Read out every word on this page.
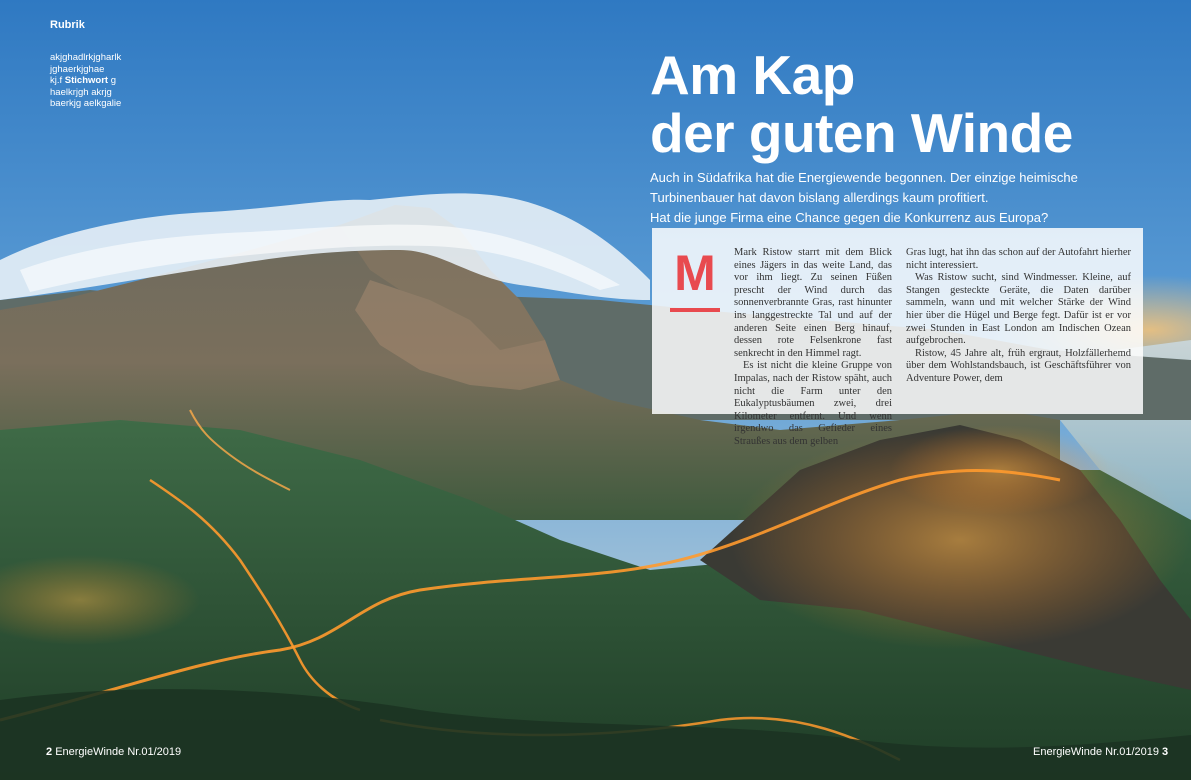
Rubrik
akjghadlrkjgharlk
jghaerkjghae
kj.f Stichwort g
haelkrjgh akrjg
baerkjg aelkgalie	Am Kap
der guten Winde
Auch in Südafrika hat die Energiewende begonnen. Der einzige heimische
Turbinenbauer hat davon bislang allerdings kaum profitiert.
Hat die junge Firma eine Chance gegen die Konkurrenz aus Europa?
M Mark Ristow starrt mit dem Blick eines Jägers in das weite Land, das vor ihm liegt. Zu seinen Füßen prescht der Wind durch das sonnenverbrannte Gras, rast hinunter ins langgestreckte Tal und auf der anderen Seite einen Berg hinauf, dessen rote Felsenkrone fast senkrecht in den Himmel ragt.

Es ist nicht die kleine Gruppe von Impalas, nach der Ristow späht, auch nicht die Farm unter den Eukalyptusbäumen zwei, drei Kilometer entfernt. Und wenn irgendwo das Gefieder eines Straußes aus dem gelben

Gras lugt, hat ihn das schon auf der Autofahrt hierher nicht interessiert.

Was Ristow sucht, sind Windmesser. Kleine, auf Stangen gesteckte Geräte, die Daten darüber sammeln, wann und mit welcher Stärke der Wind hier über die Hügel und Berge fegt. Dafür ist er vor zwei Stunden in East London am Indischen Ozean aufgebrochen.

Ristow, 45 Jahre alt, früh ergraut, Holzfällerhemd über dem Wohlstandsbauch, ist Geschäftsführer von Adventure Power, dem

2 EnergieWinde Nr.01/2019	EnergieWinde Nr.01/2019 3
